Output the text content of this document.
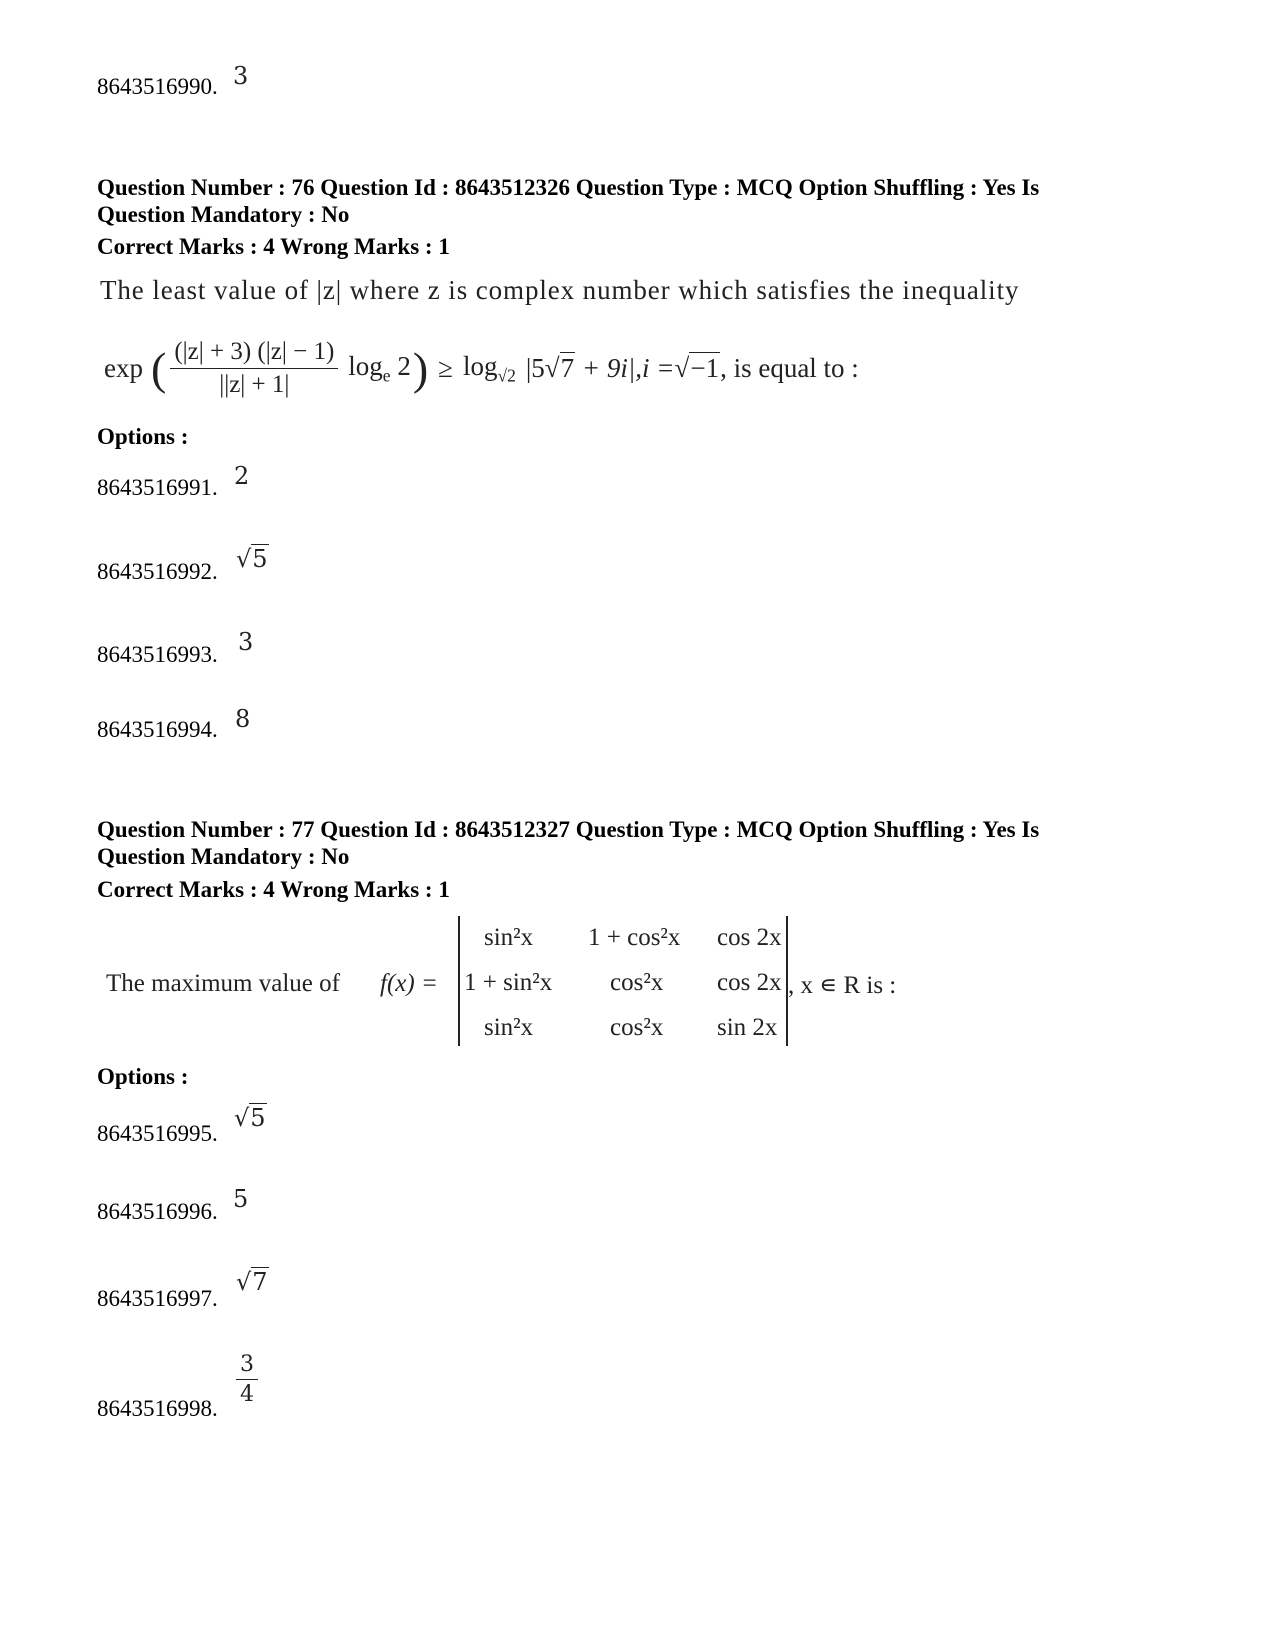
8643516990. 3
Question Number : 76 Question Id : 8643512326 Question Type : MCQ Option Shuffling : Yes Is
Question Mandatory : No
Correct Marks : 4 Wrong Marks : 1
The least value of |z| where z is complex number which satisfies the inequality
exp ( $\frac{(|z| + 3) (|z| - 1)}{||z| + 1|} \log_e 2$ ) ≥ $\log_{√2} |5√7 + 9i|$, i = √−1 , is equal to :
Options :
8643516991. 2
8643516992. √5
8643516993. 3
8643516994. 8
Question Number : 77 Question Id : 8643512327 Question Type : MCQ Option Shuffling : Yes Is
Question Mandatory : No
Correct Marks : 4 Wrong Marks : 1
The maximum value of f(x) =
sin²x 1 + cos²x cos 2x
1 + sin²x cos²x cos 2x
sin²x	cos²x sin 2x
, x ∊ R is :
Options :
8643516995.
√5
8643516996. 5
8643516997.
√7
8643516998.
$\frac{3}{4}$
